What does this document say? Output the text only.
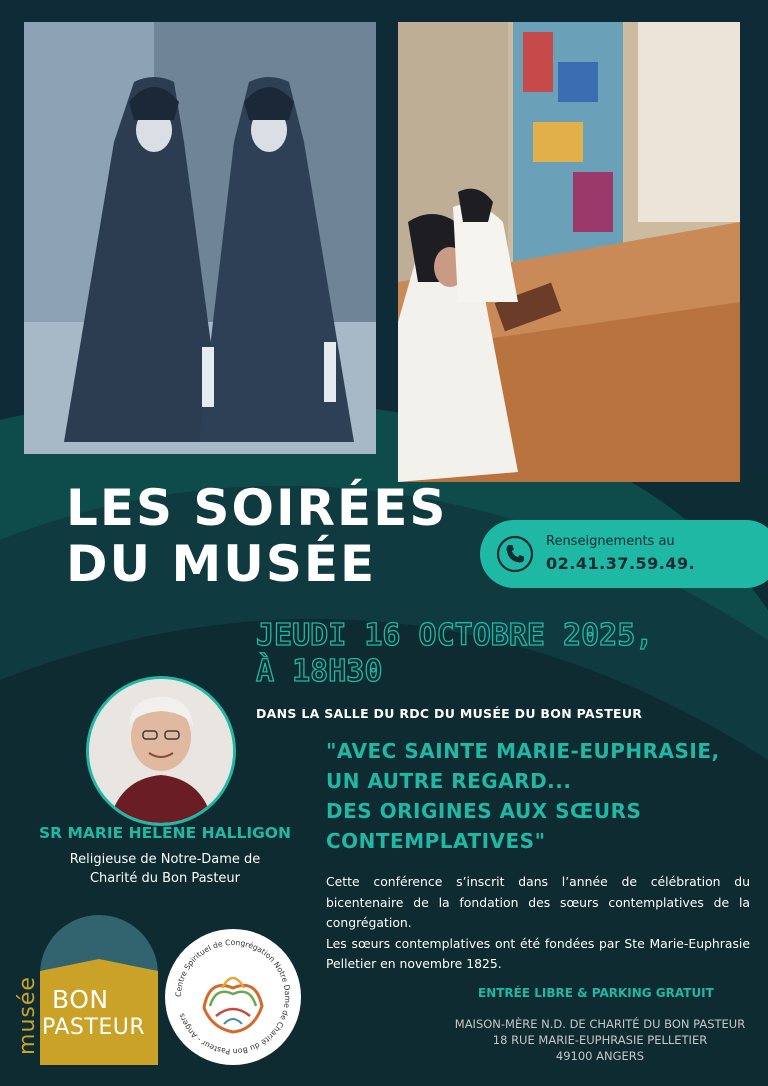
LES SOIRÉES
DU MUSÉE	Renseignements au
02.41.37.59.49.
JEUDI 16 OCTOBRE 2025,
À 18H30
DANS LA SALLE DU RDC DU MUSÉE DU BON PASTEUR
SR MARIE HELENE HALLIGON
Religieuse de Notre-Dame de
Charité du Bon Pasteur
"AVEC SAINTE MARIE-EUPHRASIE,
UN AUTRE REGARD...
DES ORIGINES AUX SŒURS
CONTEMPLATIVES"

Cette conférence s’inscrit dans l’année de célébration du bicentenaire de la fondation des sœurs contemplatives de la congrégation.

Les sœurs contemplatives ont été fondées par Ste Marie-Euphrasie Pelletier en novembre 1825.

ENTRÉE LIBRE & PARKING GRATUIT
MAISON-MÈRE N.D. DE CHARITÉ DU BON PASTEUR
18 RUE MARIE-EUPHRASIE PELLETIER
49100 ANGERS
musée BON
PASTEUR
Centre Spirituel de Congrégation Notre Dame de Charité du Bon Pasteur - Angers
